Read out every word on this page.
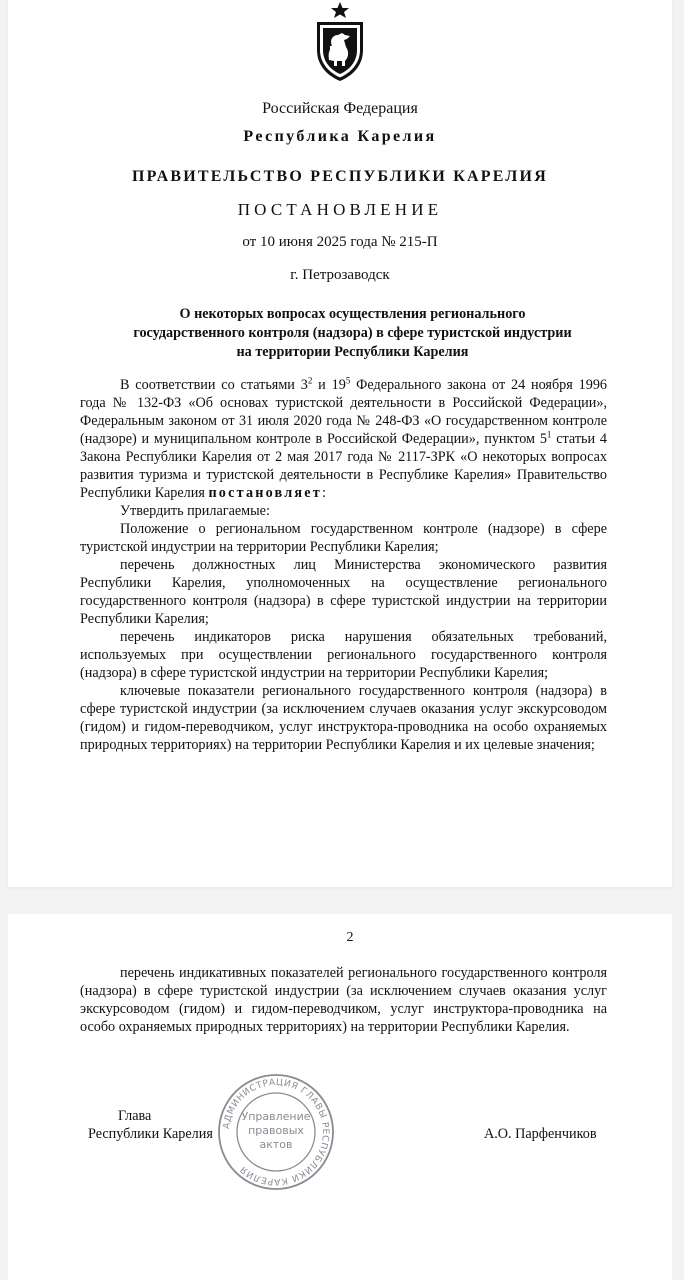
Российская Федерация
Республика Карелия
ПРАВИТЕЛЬСТВО РЕСПУБЛИКИ КАРЕЛИЯ
ПОСТАНОВЛЕНИЕ
от 10 июня 2025 года № 215-П
г. Петрозаводск
О некоторых вопросах осуществления регионального
государственного контроля (надзора) в сфере туристской индустрии
на территории Республики Карелия

В соответствии со статьями $3^2$ и $19^5$ Федерального закона от 24 ноября 1996 года № 132-ФЗ «Об основах туристской деятельности в Российской Федерации», Федеральным законом от 31 июля 2020 года № 248-ФЗ «О государственном контроле (надзоре) и муниципальном контроле в Российской Федерации», пунктом $5^1$ статьи 4 Закона Республики Карелия от 2 мая 2017 года № 2117-ЗРК «О некоторых вопросах развития туризма и туристской деятельности в Республике Карелия» Правительство Республики Карелия постановляет:

Утвердить прилагаемые:

Положение о региональном государственном контроле (надзоре) в сфере туристской индустрии на территории Республики Карелия;

перечень должностных лиц Министерства экономического развития Республики Карелия, уполномоченных на осуществление регионального государственного контроля (надзора) в сфере туристской индустрии на территории Республики Карелия;

перечень индикаторов риска нарушения обязательных требований, используемых при осуществлении регионального государственного контроля (надзора) в сфере туристской индустрии на территории Республики Карелия;

ключевые показатели регионального государственного контроля (надзора) в сфере туристской индустрии (за исключением случаев оказания услуг экскурсоводом (гидом) и гидом-переводчиком, услуг инструктора-проводника на особо охраняемых природных территориях) на территории Республики Карелия и их целевые значения;

2

перечень индикативных показателей регионального государственного контроля (надзора) в сфере туристской индустрии (за исключением случаев оказания услуг экскурсоводом (гидом) и гидом-переводчиком, услуг инструктора-проводника на особо охраняемых природных территориях) на территории Республики Карелия.

Глава
Республики Карелия	А.О. Парфенчиков
АДМИНИСТРАЦИЯ ГЛАВЫ РЕСПУБЛИКИ КАРЕЛИЯ
Управление
правовых
актов
